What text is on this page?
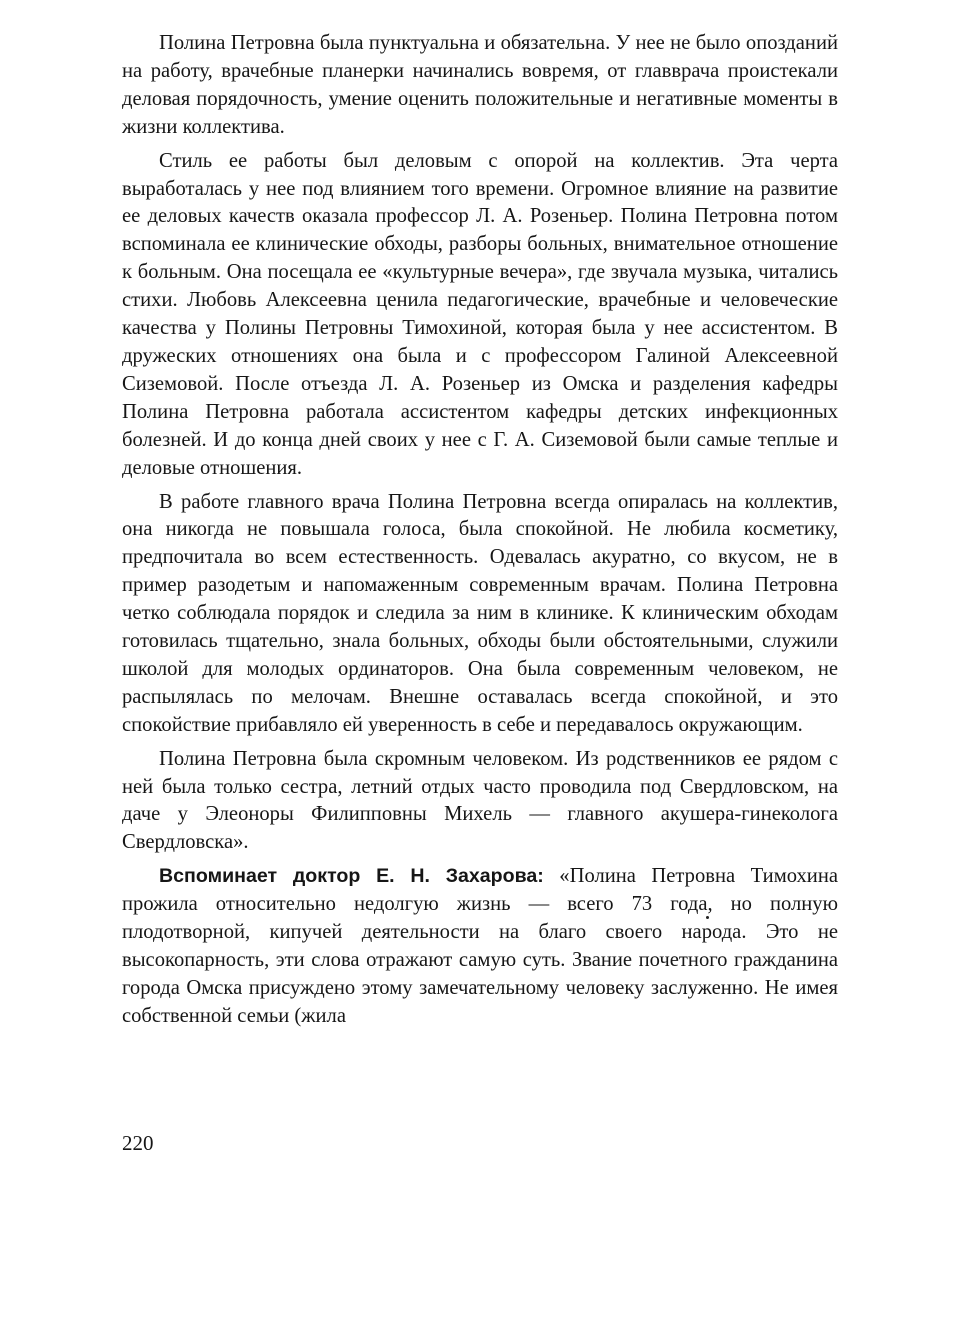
Полина Петровна была пунктуальна и обязательна. У нее не было опозданий на работу, врачебные планерки начинались вовремя, от главврача проистекали деловая порядочность, умение оценить положительные и негативные моменты в жизни коллектива.

Стиль ее работы был деловым с опорой на коллектив. Эта черта выработалась у нее под влиянием того времени. Огромное влияние на развитие ее деловых качеств оказала профессор Л. А. Розеньер. Полина Петровна потом вспоминала ее клинические обходы, разборы больных, внимательное отношение к больным. Она посещала ее «культурные вечера», где звучала музыка, читались стихи. Любовь Алексеевна ценила педагогические, врачебные и человеческие качества у Полины Петровны Тимохиной, которая была у нее ассистентом. В дружеских отношениях она была и с профессором Галиной Алексеевной Сиземовой. После отъезда Л. А. Розеньер из Омска и разделения кафедры Полина Петровна работала ассистентом кафедры детских инфекционных болезней. И до конца дней своих у нее с Г. А. Сиземовой были самые теплые и деловые отношения.

В работе главного врача Полина Петровна всегда опиралась на коллектив, она никогда не повышала голоса, была спокойной. Не любила косметику, предпочитала во всем естественность. Одевалась акуратно, со вкусом, не в пример разодетым и напомаженным современным врачам. Полина Петровна четко соблюдала порядок и следила за ним в клинике. К клиническим обходам готовилась тщательно, знала больных, обходы были обстоятельными, служили школой для молодых ординаторов. Она была современным человеком, не распылялась по мелочам. Внешне оставалась всегда спокойной, и это спокойствие прибавляло ей уверенность в себе и передавалось окружающим.

Полина Петровна была скромным человеком. Из родственников ее рядом с ней была только сестра, летний отдых часто проводила под Свердловском, на даче у Элеоноры Филипповны Михель — главного акушера-гинеколога Свердловска».

Вспоминает доктор Е. Н. Захарова: «Полина Петровна Тимохина прожила относительно недолгую жизнь — всего 73 года, но полную плодотворной, кипучей деятельности на благо своего народа. Это не высокопарность, эти слова отражают самую суть. Звание почетного гражданина города Омска присуждено этому замечательному человеку заслуженно. Не имея собственной семьи (жила

220
